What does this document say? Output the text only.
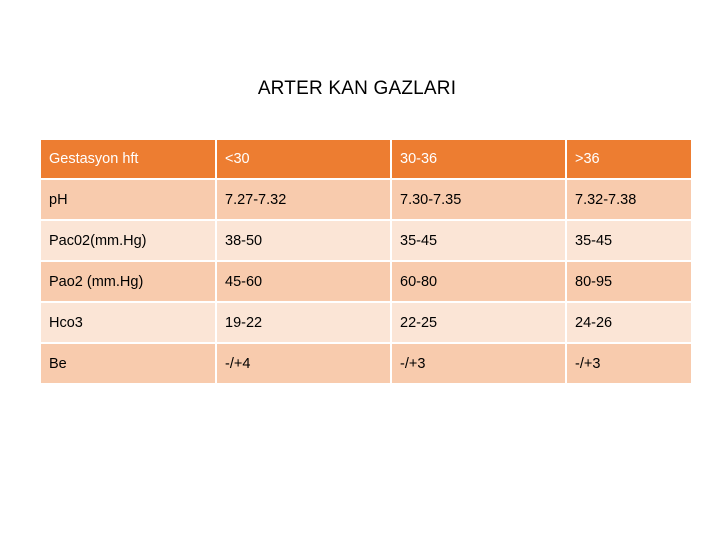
ARTER KAN GAZLARI
Gestasyon hft	<30	30-36	>36
pH	7.27-7.32	7.30-7.35	7.32-7.38
Pac02(mm.Hg)	38-50	35-45	35-45
Pao2 (mm.Hg)	45-60	60-80	80-95
Hco3	19-22	22-25	24-26
Be	-/+4	-/+3	-/+3
